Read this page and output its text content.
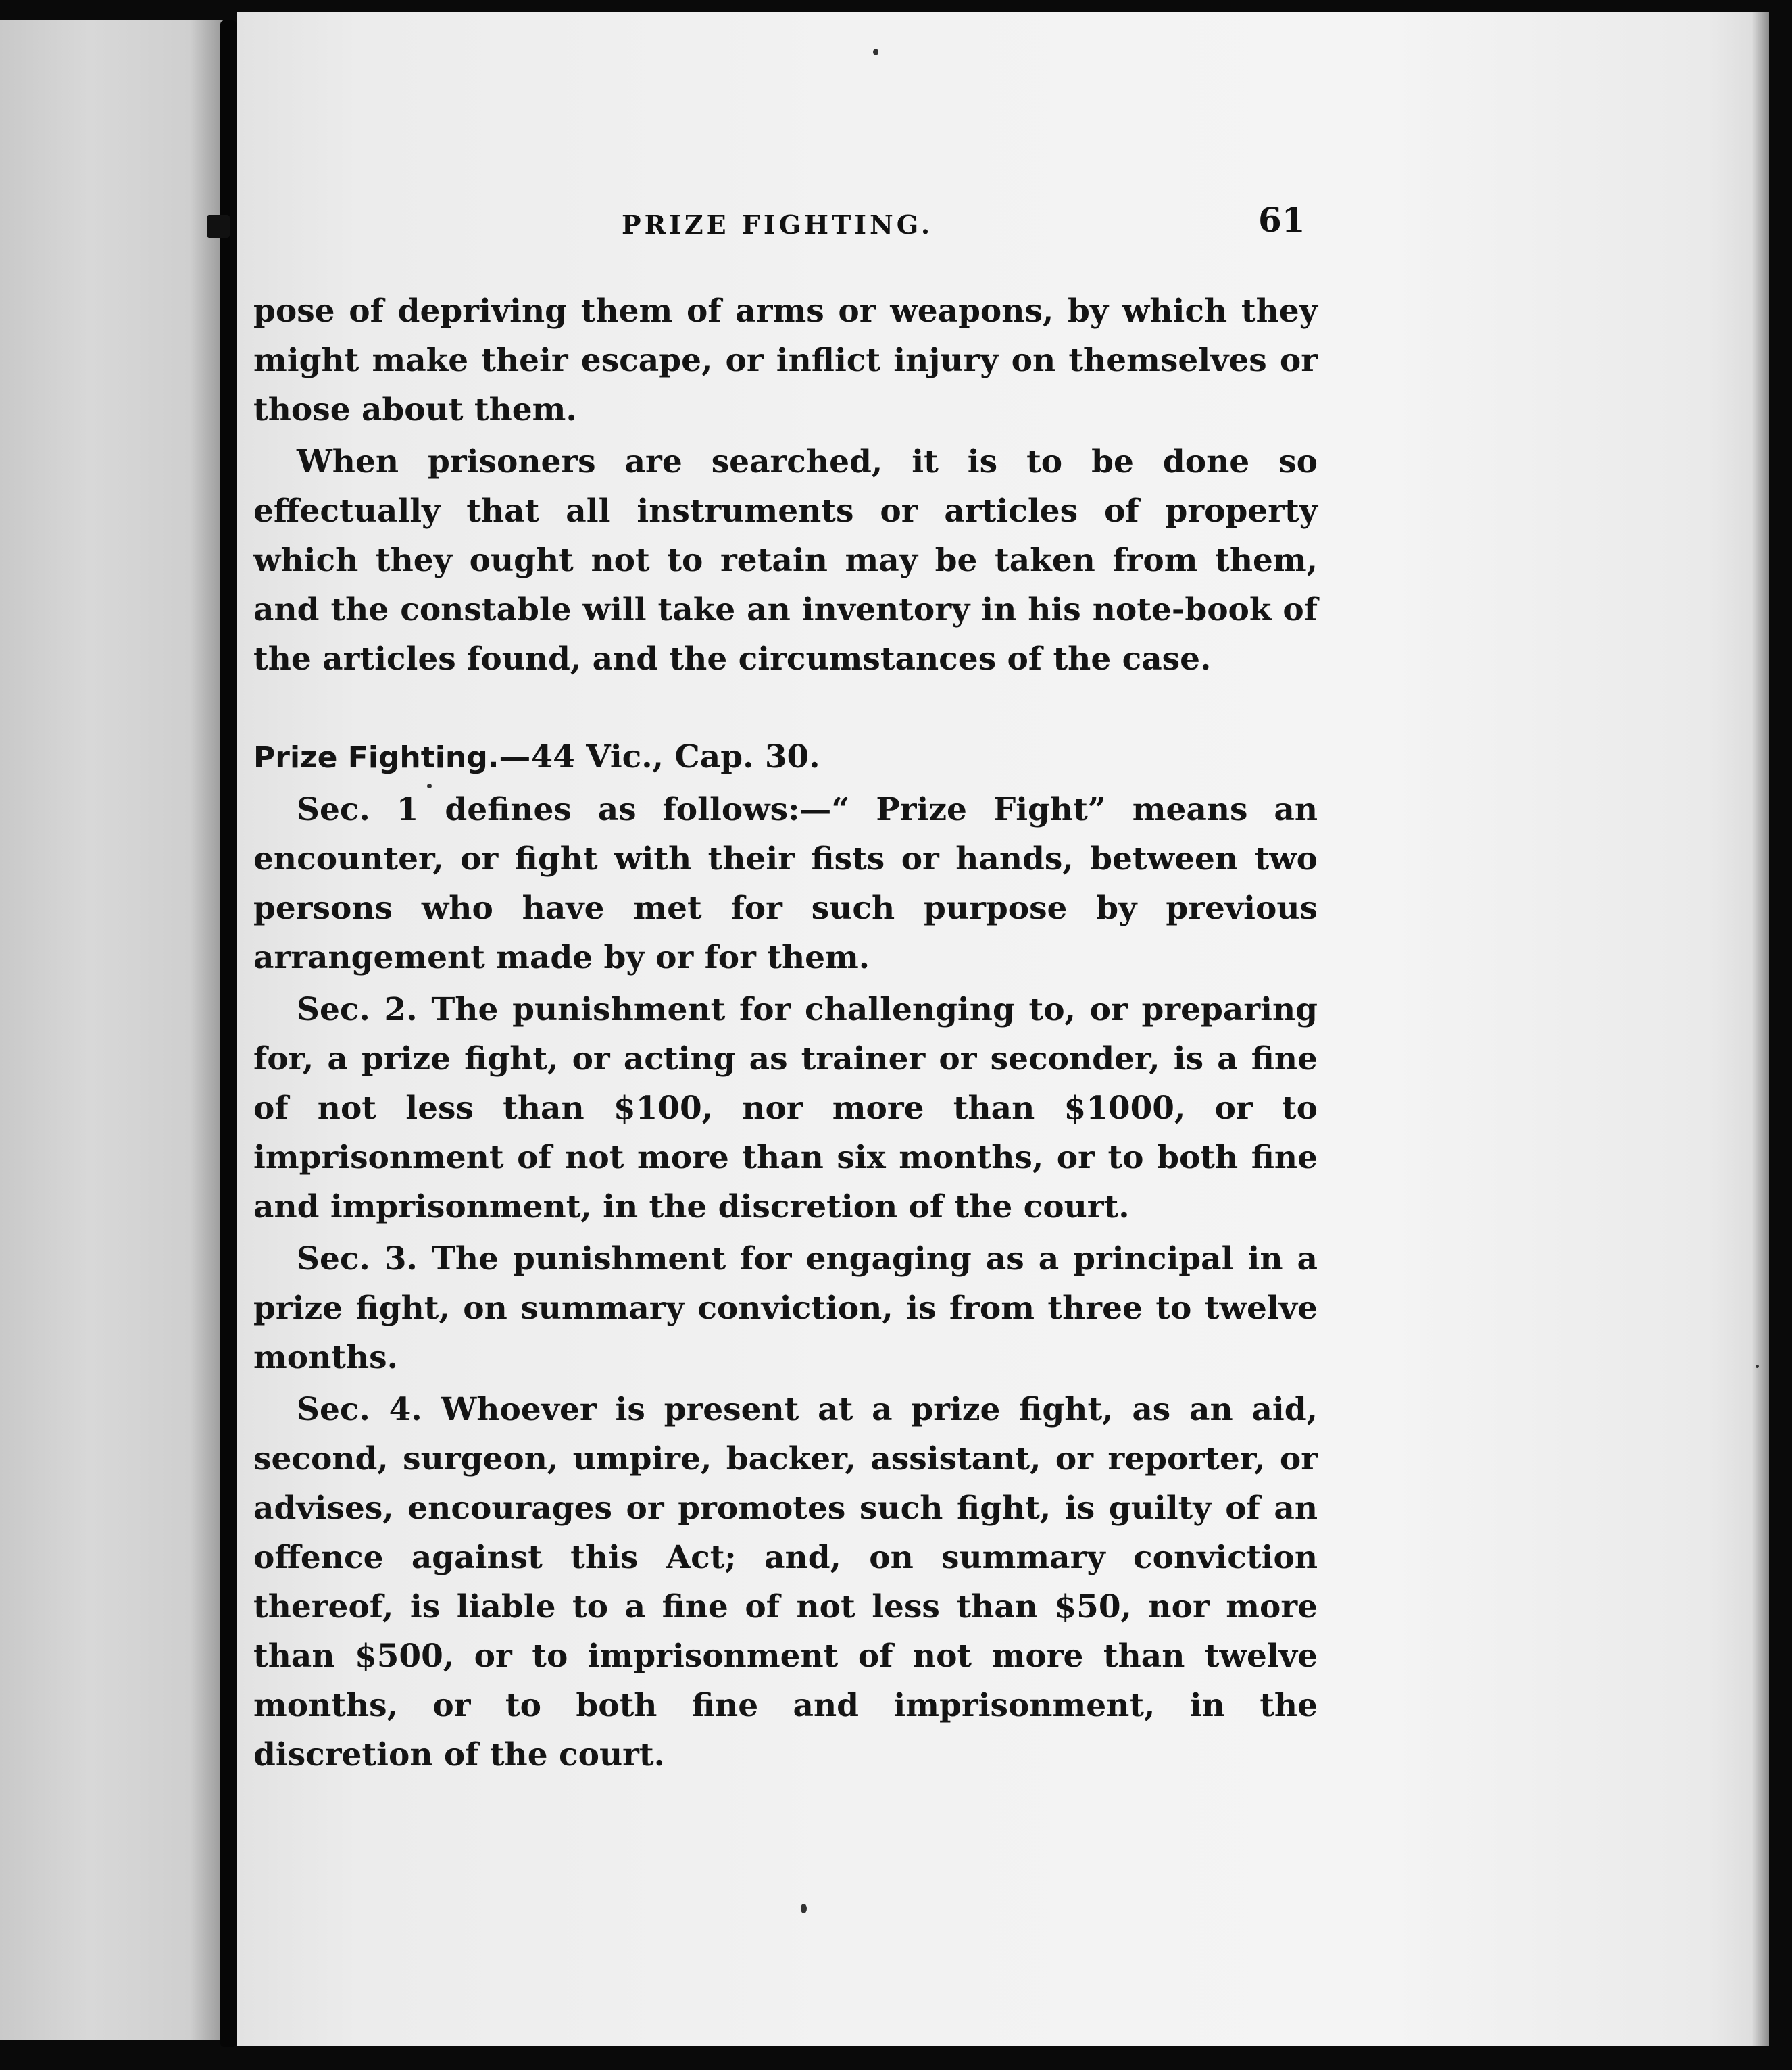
PRIZE FIGHTING.	61

pose of depriving them of arms or weapons, by which they might make their escape, or inflict injury on themselves or those about them.

When prisoners are searched, it is to be done so effectually that all instruments or articles of property which they ought not to retain may be taken from them, and the constable will take an inventory in his note-book of the articles found, and the circumstances of the case.

Prize Fighting.—44 Vic., Cap. 30.

Sec. 1 defines as follows:—“ Prize Fight” means an encounter, or fight with their fists or hands, between two persons who have met for such purpose by previous arrangement made by or for them.

Sec. 2. The punishment for challenging to, or preparing for, a prize fight, or acting as trainer or seconder, is a fine of not less than $100, nor more than $1000, or to imprisonment of not more than six months, or to both fine and imprisonment, in the discretion of the court.

Sec. 3. The punishment for engaging as a principal in a prize fight, on summary conviction, is from three to twelve months.

Sec. 4. Whoever is present at a prize fight, as an aid, second, surgeon, umpire, backer, assistant, or reporter, or advises, encourages or promotes such fight, is guilty of an offence against this Act; and, on summary conviction thereof, is liable to a fine of not less than $50, nor more than $500, or to imprisonment of not more than twelve months, or to both fine and imprisonment, in the discretion of the court.
